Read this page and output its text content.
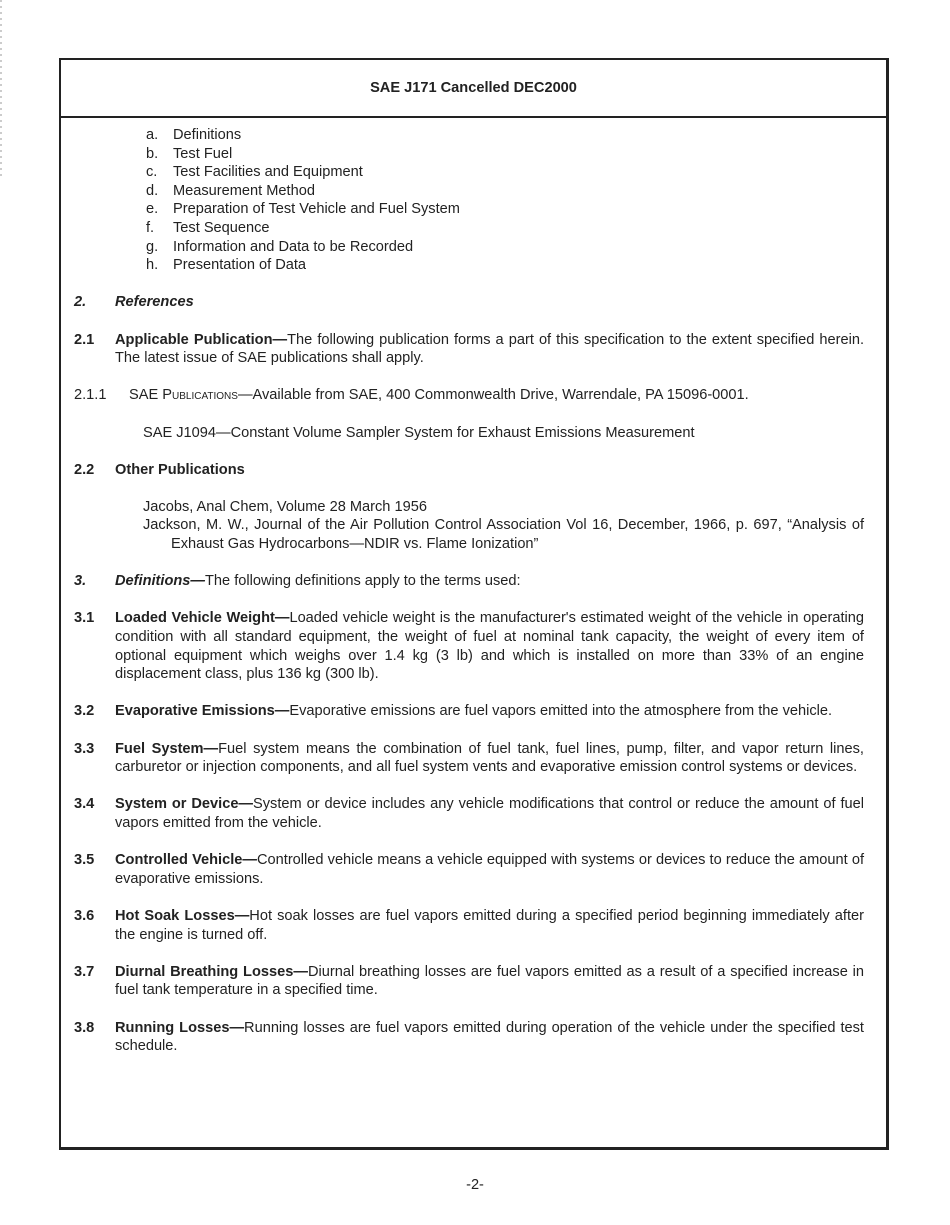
SAE J171 Cancelled DEC2000
a.	Definitions
b.	Test Fuel
c.	Test Facilities and Equipment
d.	Measurement Method
e.	Preparation of Test Vehicle and Fuel System
f.	Test Sequence
g.	Information and Data to be Recorded
h.	Presentation of Data
2.	References
2.1	Applicable Publication—The following publication forms a part of this specification to the extent specified herein. The latest issue of SAE publications shall apply.
2.1.1	SAE Publications—Available from SAE, 400 Commonwealth Drive, Warrendale, PA 15096-0001.
SAE J1094—Constant Volume Sampler System for Exhaust Emissions Measurement
2.2	Other Publications
Jacobs, Anal Chem, Volume 28 March 1956
Jackson, M. W., Journal of the Air Pollution Control Association Vol 16, December, 1966, p. 697, “Analysis of Exhaust Gas Hydrocarbons—NDIR vs. Flame Ionization”
3.	Definitions—The following definitions apply to the terms used:
3.1	Loaded Vehicle Weight—Loaded vehicle weight is the manufacturer's estimated weight of the vehicle in operating condition with all standard equipment, the weight of fuel at nominal tank capacity, the weight of every item of optional equipment which weighs over 1.4 kg (3 lb) and which is installed on more than 33% of an engine displacement class, plus 136 kg (300 lb).
3.2	Evaporative Emissions—Evaporative emissions are fuel vapors emitted into the atmosphere from the vehicle.
3.3	Fuel System—Fuel system means the combination of fuel tank, fuel lines, pump, filter, and vapor return lines, carburetor or injection components, and all fuel system vents and evaporative emission control systems or devices.
3.4	System or Device—System or device includes any vehicle modifications that control or reduce the amount of fuel vapors emitted from the vehicle.
3.5	Controlled Vehicle—Controlled vehicle means a vehicle equipped with systems or devices to reduce the amount of evaporative emissions.
3.6	Hot Soak Losses—Hot soak losses are fuel vapors emitted during a specified period beginning immediately after the engine is turned off.
3.7	Diurnal Breathing Losses—Diurnal breathing losses are fuel vapors emitted as a result of a specified increase in fuel tank temperature in a specified time.
3.8	Running Losses—Running losses are fuel vapors emitted during operation of the vehicle under the specified test schedule.
-2-
